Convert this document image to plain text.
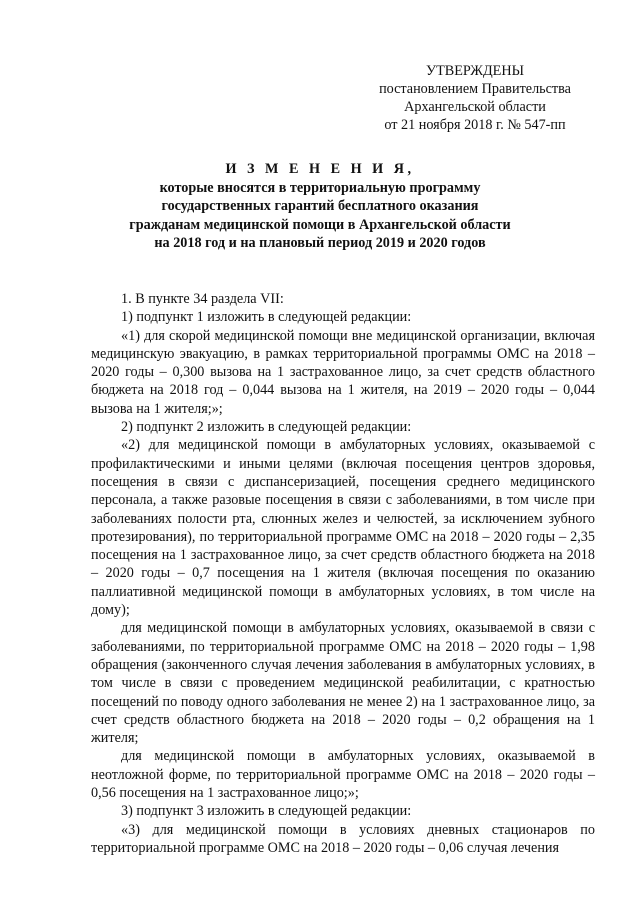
УТВЕРЖДЕНЫ
постановлением Правительства
Архангельской области
от 21 ноября 2018 г. № 547-пп
И З М Е Н Е Н И Я,
которые вносятся в территориальную программу
государственных гарантий бесплатного оказания
гражданам медицинской помощи в Архангельской области
на 2018 год и на плановый период 2019 и 2020 годов

1. В пункте 34 раздела VII:

1) подпункт 1 изложить в следующей редакции:

«1) для скорой медицинской помощи вне медицинской организации, включая медицинскую эвакуацию, в рамках территориальной программы ОМС на 2018 – 2020 годы – 0,300 вызова на 1 застрахованное лицо, за счет средств областного бюджета на 2018 год – 0,044 вызова на 1 жителя, на 2019 – 2020 годы – 0,044 вызова на 1 жителя;»;

2) подпункт 2 изложить в следующей редакции:

«2) для медицинской помощи в амбулаторных условиях, оказываемой с профилактическими и иными целями (включая посещения центров здоровья, посещения в связи с диспансеризацией, посещения среднего медицинского персонала, а также разовые посещения в связи с заболеваниями, в том числе при заболеваниях полости рта, слюнных желез и челюстей, за исключением зубного протезирования), по территориальной программе ОМС на 2018 – 2020 годы – 2,35 посещения на 1 застрахованное лицо, за счет средств областного бюджета на 2018 – 2020 годы – 0,7 посещения на 1 жителя (включая посещения по оказанию паллиативной медицинской помощи в амбулаторных условиях, в том числе на дому);

для медицинской помощи в амбулаторных условиях, оказываемой в связи с заболеваниями, по территориальной программе ОМС на 2018 – 2020 годы – 1,98 обращения (законченного случая лечения заболевания в амбулаторных условиях, в том числе в связи с проведением медицинской реабилитации, с кратностью посещений по поводу одного заболевания не менее 2) на 1 застрахованное лицо, за счет средств областного бюджета на 2018 – 2020 годы – 0,2 обращения на 1 жителя;

для медицинской помощи в амбулаторных условиях, оказываемой в неотложной форме, по территориальной программе ОМС на 2018 – 2020 годы – 0,56 посещения на 1 застрахованное лицо;»;

3) подпункт 3 изложить в следующей редакции:

«3) для медицинской помощи в условиях дневных стационаров по территориальной программе ОМС на 2018 – 2020 годы – 0,06 случая лечения
